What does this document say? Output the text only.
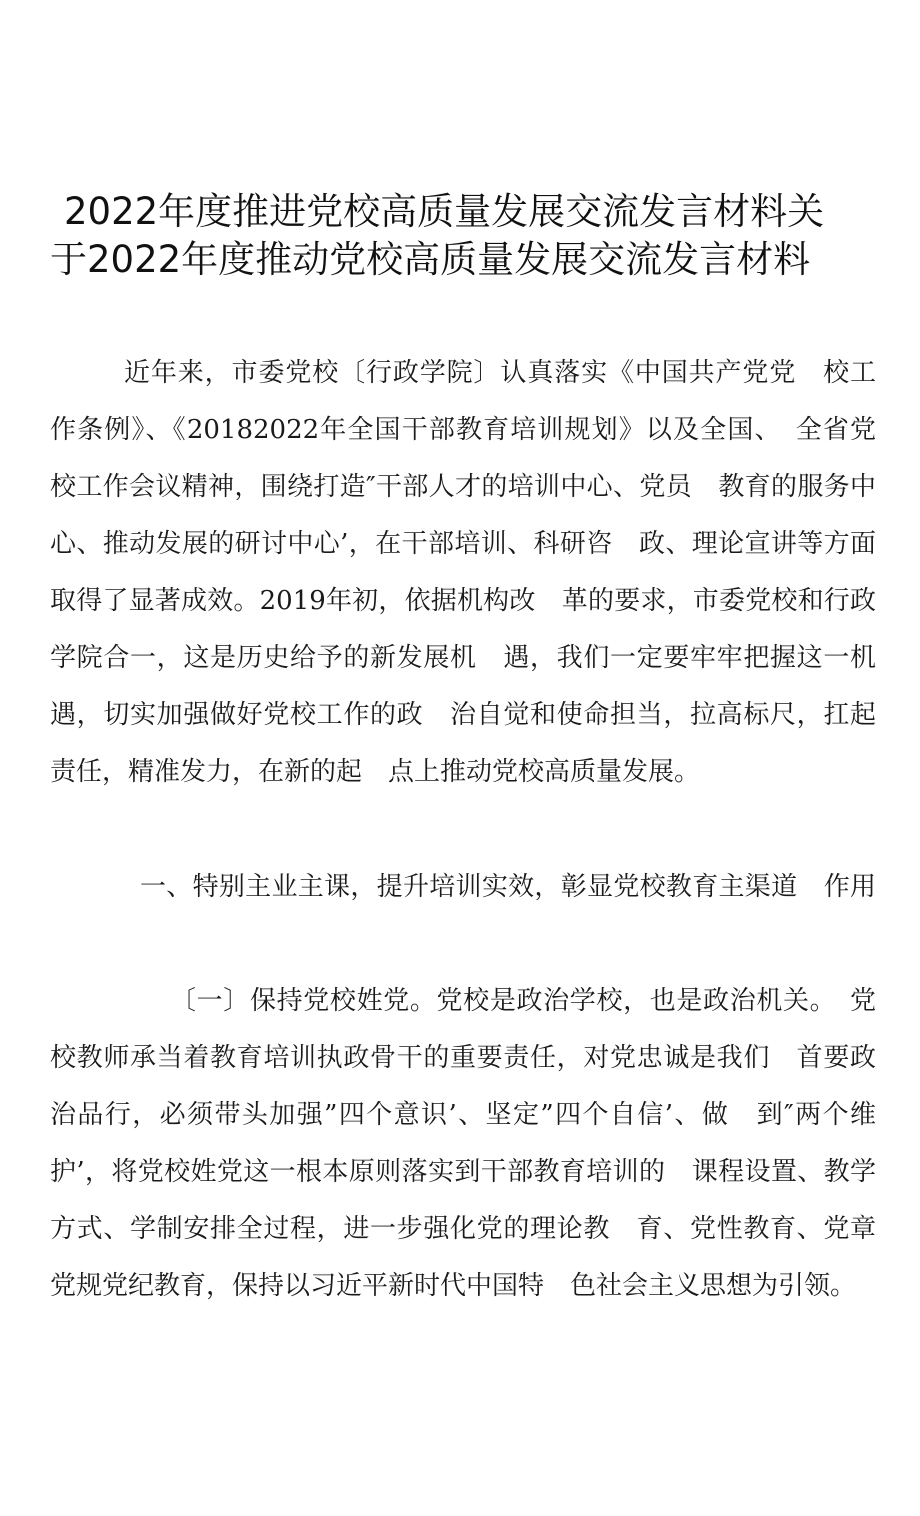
2022年度推进党校高质量发展交流发言材料关
于2022年度推动党校高质量发展交流发言材料
近年来，市委党校〔行政学院〕认真落实《中国共产党党　校工
作条例》、《20182022年全国干部教育培训规划》以及全国、　全省党
校工作会议精神，围绕打造″干部人才的培训中心、党员　教育的服务中
心、推动发展的研讨中心’，在干部培训、科研咨　政、理论宣讲等方面
取得了显著成效。2019年初，依据机构改　革的要求，市委党校和行政
学院合一，这是历史给予的新发展机　遇，我们一定要牢牢把握这一机
遇，切实加强做好党校工作的政　治自觉和使命担当，拉高标尺，扛起
责任，精准发力，在新的起　点上推动党校高质量发展。
一、特别主业主课，提升培训实效，彰显党校教育主渠道　作用
〔一〕保持党校姓党。党校是政治学校，也是政治机关。　党
校教师承当着教育培训执政骨干的重要责任，对党忠诚是我们　首要政
治品行，必须带头加强”四个意识’、坚定”四个自信’、做　到″两个维
护’，将党校姓党这一根本原则落实到干部教育培训的　课程设置、教学
方式、学制安排全过程，进一步强化党的理论教　育、党性教育、党章
党规党纪教育，保持以习近平新时代中国特　色社会主义思想为引领。
